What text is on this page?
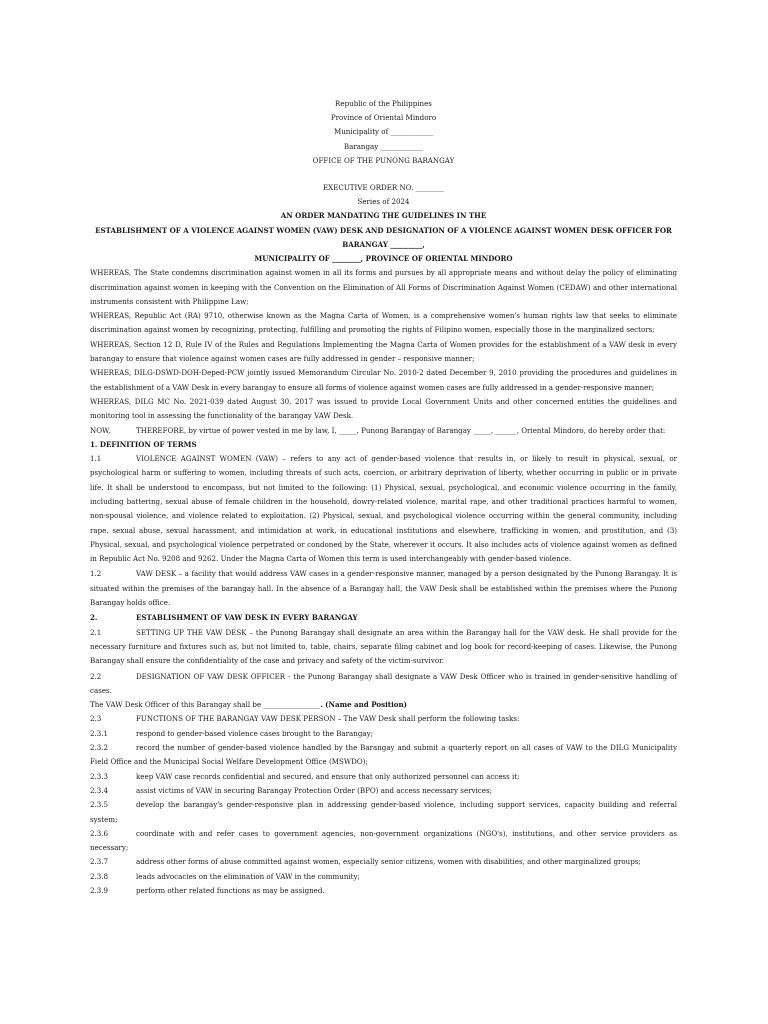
Republic of the Philippines

Province of Oriental Mindoro

Municipality of ____________

Barangay ____________

OFFICE OF THE PUNONG BARANGAY

EXECUTIVE ORDER NO. ________

Series of 2024

AN ORDER MANDATING THE GUIDELINES IN THE

ESTABLISHMENT OF A VIOLENCE AGAINST WOMEN (VAW) DESK AND DESIGNATION OF A VIOLENCE AGAINST WOMEN DESK OFFICER FOR

BARANGAY _________,

MUNICIPALITY OF ________, PROVINCE OF ORIENTAL MINDORO

WHEREAS, The State condemns discrimination against women in all its forms and pursues by all appropriate means and without delay the policy of eliminating discrimination against women in keeping with the Convention on the Elimination of All Forms of Discrimination Against Women (CEDAW) and other international instruments consistent with Philippine Law;

WHEREAS, Republic Act (RA) 9710, otherwise known as the Magna Carta of Women, is a comprehensive women's human rights law that seeks to eliminate discrimination against women by recognizing, protecting, fulfilling and promoting the rights of Filipino women, especially those in the marginalized sectors;

WHEREAS, Section 12 D, Rule IV of the Rules and Regulations Implementing the Magna Carta of Women provides for the establishment of a VAW desk in every barangay to ensure that violence against women cases are fully addressed in gender – responsive manner;

WHEREAS, DILG-DSWD-DOH-Deped-PCW jointly issued Memorandum Circular No. 2010-2 dated December 9, 2010 providing the procedures and guidelines in the establishment of a VAW Desk in every barangay to ensure all forms of violence against women cases are fully addressed in a gender-responsive manner;

WHEREAS, DILG MC No. 2021-039 dated August 30, 2017 was issued to provide Local Government Units and other concerned entities the guidelines and monitoring tool in assessing the functionality of the barangay VAW Desk.

NOW,	THEREFORE, by virtue of power vested in me by law, I, _____, Punong Barangay of Barangay _____, ______, Oriental Mindoro, do hereby order that:

1. DEFINITION OF TERMS

1.1	VIOLENCE AGAINST WOMEN (VAW) – refers to any act of gender-based violence that results in, or likely to result in physical, sexual, or psychological harm or suffering to women, including threats of such acts, coercion, or arbitrary deprivation of liberty, whether occurring in public or in private life. It shall be understood to encompass, but not limited to the following: (1) Physical, sexual, psychological, and economic violence occurring in the family, including battering, sexual abuse of female children in the household, dowry-related violence, marital rape, and other traditional practices harmful to women, non-spousal violence, and violence related to exploitation. (2) Physical, sexual, and psychological violence occurring within the general community, including rape, sexual abuse, sexual harassment, and intimidation at work, in educational institutions and elsewhere, trafficking in women, and prostitution, and (3) Physical, sexual, and psychological violence perpetrated or condoned by the State, wherever it occurs. It also includes acts of violence against women as defined in Republic Act No. 9208 and 9262. Under the Magna Carta of Women this term is used interchangeably with gender-based violence.
1.2	VAW DESK – a facility that would address VAW cases in a gender-responsive manner, managed by a person designated by the Punong Barangay. It is situated within the premises of the barangay hall. In the absence of a Barangay hall, the VAW Desk shall be established within the premises where the Punong Barangay holds office.
2.	ESTABLISHMENT OF VAW DESK IN EVERY BARANGAY
2.1	SETTING UP THE VAW DESK – the Punong Barangay shall designate an area within the Barangay hall for the VAW desk. He shall provide for the necessary furniture and fixtures such as, but not limited to, table, chairs, separate filing cabinet and log book for record-keeping of cases. Likewise, the Punong Barangay shall ensure the confidentiality of the case and privacy and safety of the victim-survivor.
2.2	DESIGNATION OF VAW DESK OFFICER - the Punong Barangay shall designate a VAW Desk Officer who is trained in gender-sensitive handling of cases.

The VAW Desk Officer of this Barangay shall be ________________. (Name and Position)

2.3	FUNCTIONS OF THE BARANGAY VAW DESK PERSON – The VAW Desk shall perform the following tasks:
2.3.1	respond to gender-based violence cases brought to the Barangay;
2.3.2	record the number of gender-based violence handled by the Barangay and submit a quarterly report on all cases of VAW to the DILG Municipality Field Office and the Municipal Social Welfare Development Office (MSWDO);
2.3.3	keep VAW case records confidential and secured, and ensure that only authorized personnel can access it;
2.3.4	assist victims of VAW in securing Barangay Protection Order (BPO) and access necessary services;
2.3.5	develop the barangay's gender-responsive plan in addressing gender-based violence, including support services, capacity building and referral system;
2.3.6	coordinate with and refer cases to government agencies, non-government organizations (NGO's), institutions, and other service providers as necessary;
2.3.7	address other forms of abuse committed against women, especially senior citizens, women with disabilities, and other marginalized groups;
2.3.8	leads advocacies on the elimination of VAW in the community;
2.3.9	perform other related functions as may be assigned.
